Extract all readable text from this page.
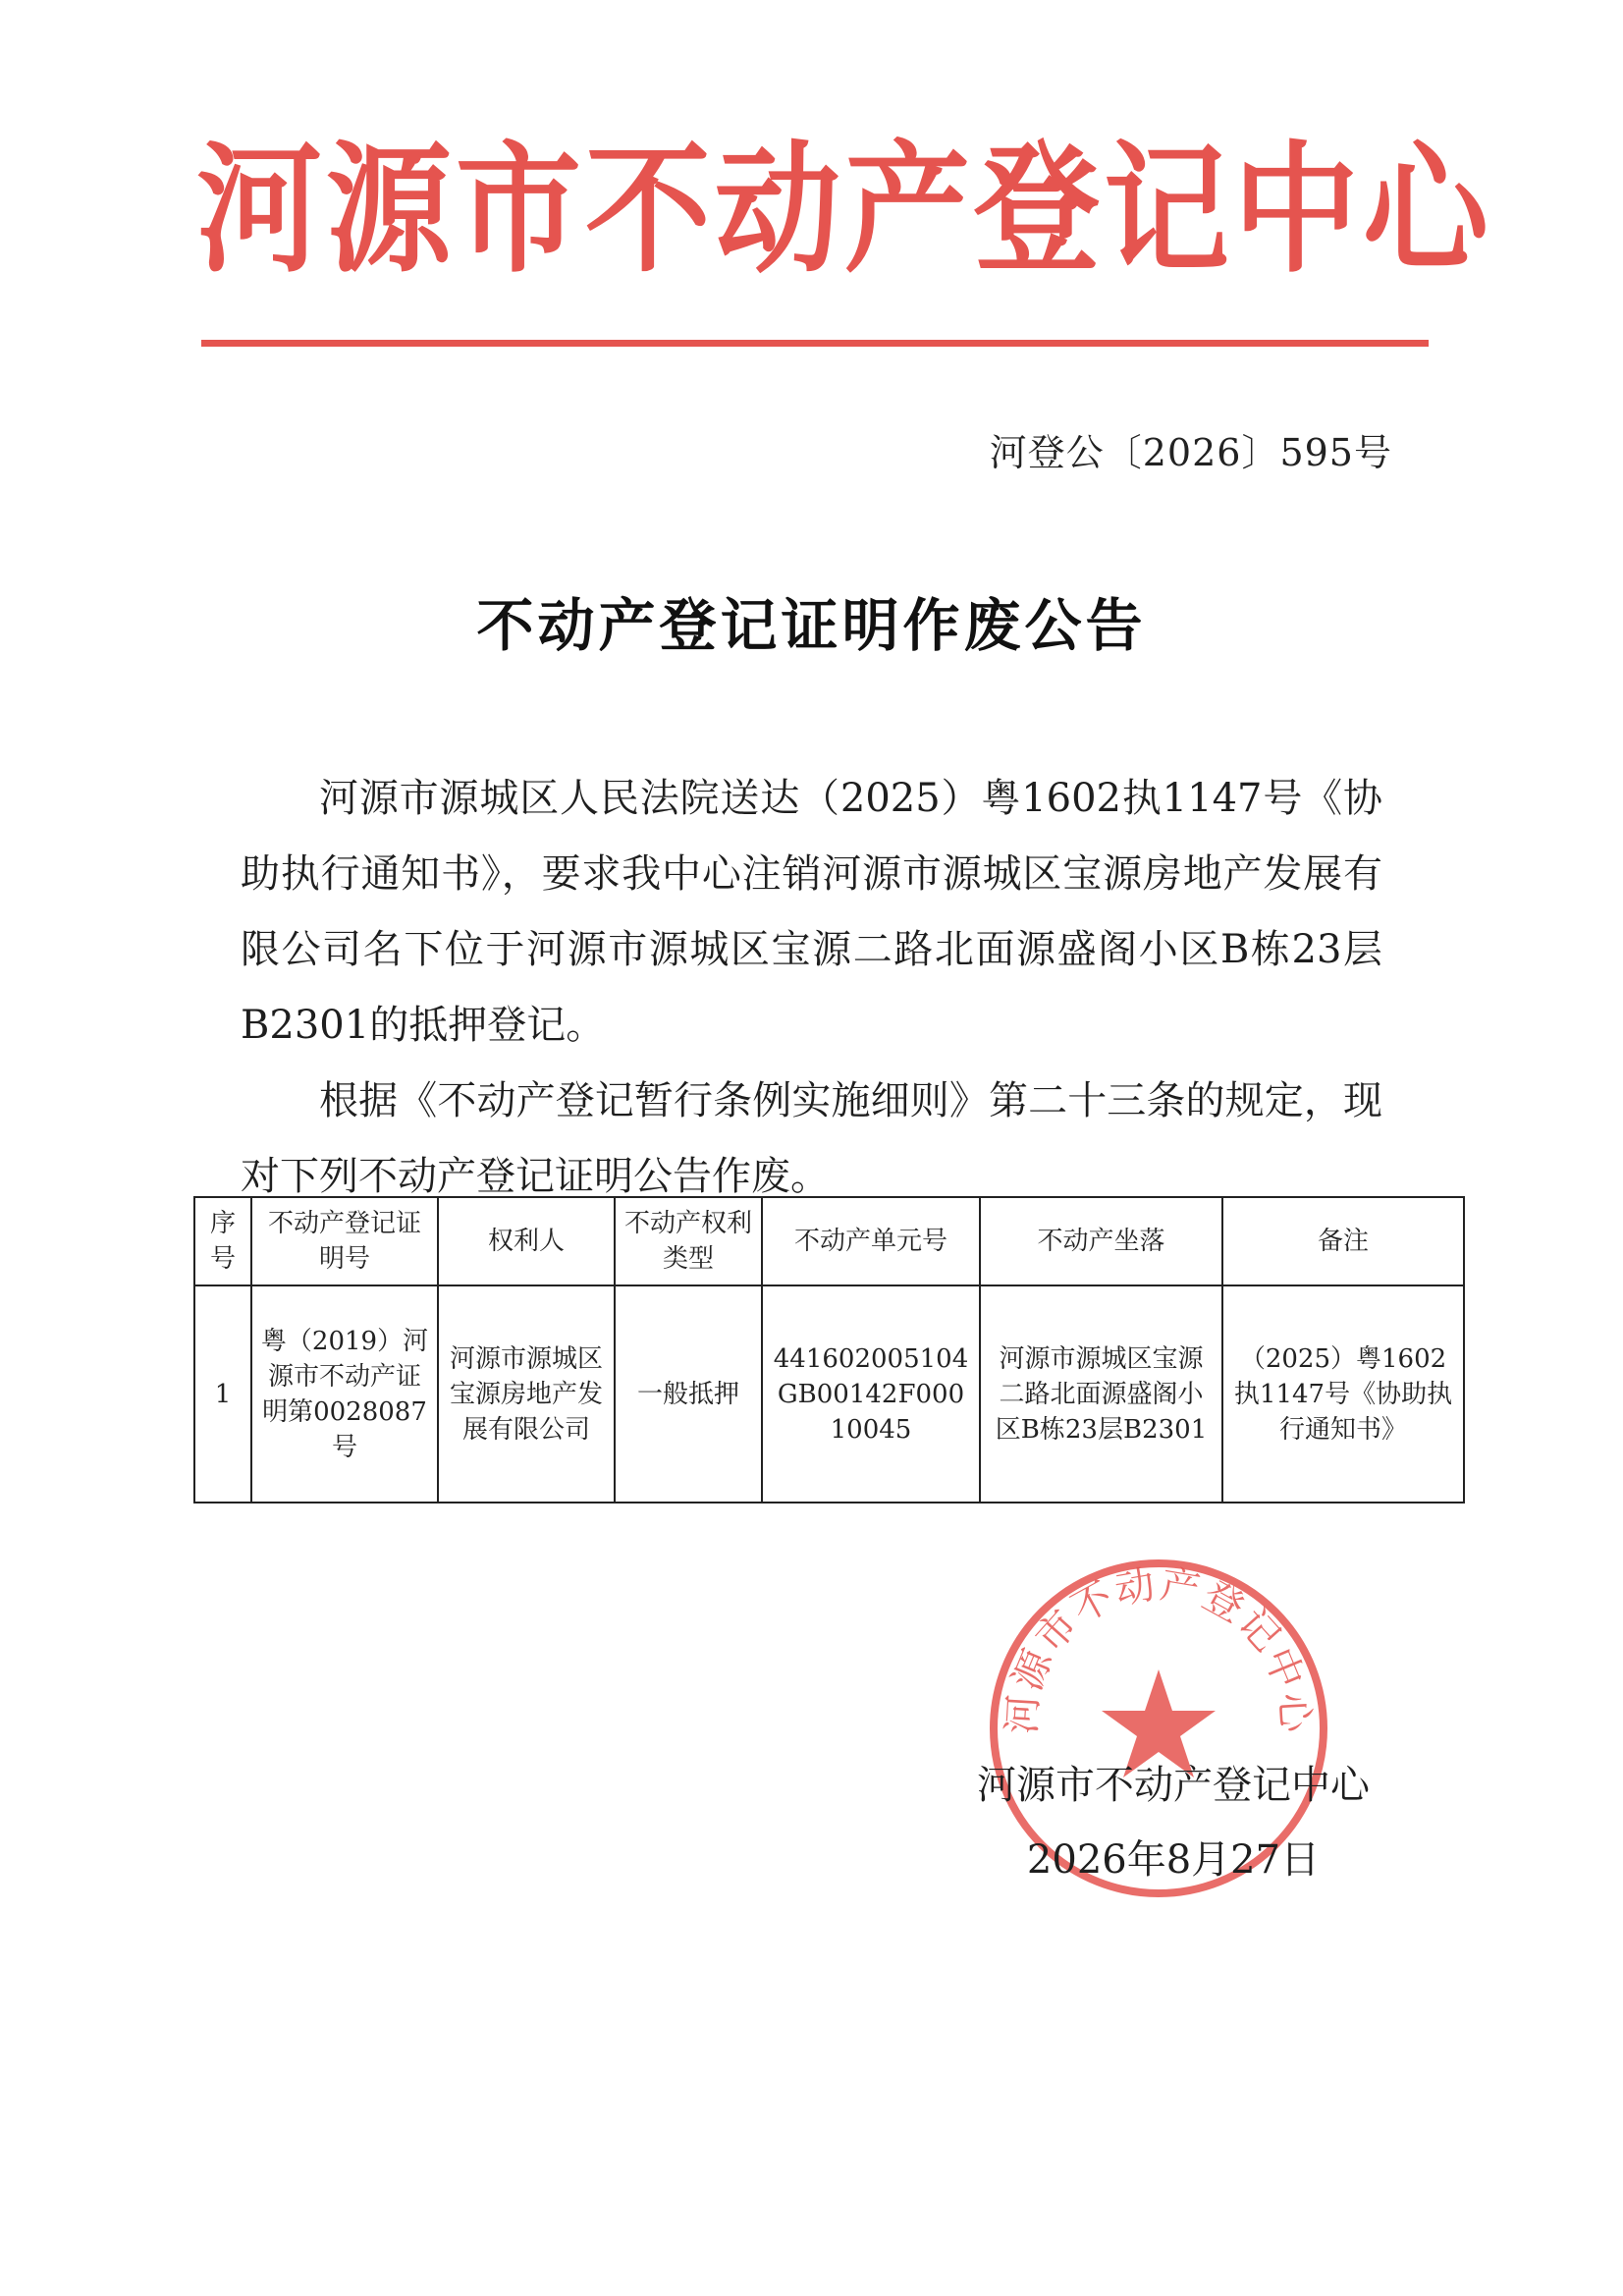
河源市不动产登记中心
河登公〔2026〕595号
不动产登记证明作废公告

河源市源城区人民法院送达（2025）粤1602执1147号《协助执行通知书》，要求我中心注销河源市源城区宝源房地产发展有限公司名下位于河源市源城区宝源二路北面源盛阁小区B栋23层B2301的抵押登记。

根据《不动产登记暂行条例实施细则》第二十三条的规定，现对下列不动产登记证明公告作废。

序号	不动产登记证明号	权利人	不动产权利类型	不动产单元号	不动产坐落	备注
1	粤（2019）河源市不动产证明第0028087号	河源市源城区宝源房地产发展有限公司	一般抵押	441602005104GB00142F00010045	河源市源城区宝源二路北面源盛阁小区B栋23层B2301	（2025）粤1602执1147号《协助执行通知书》
河源市不动产登记中心
河源市不动产登记中心
2026年8月27日
